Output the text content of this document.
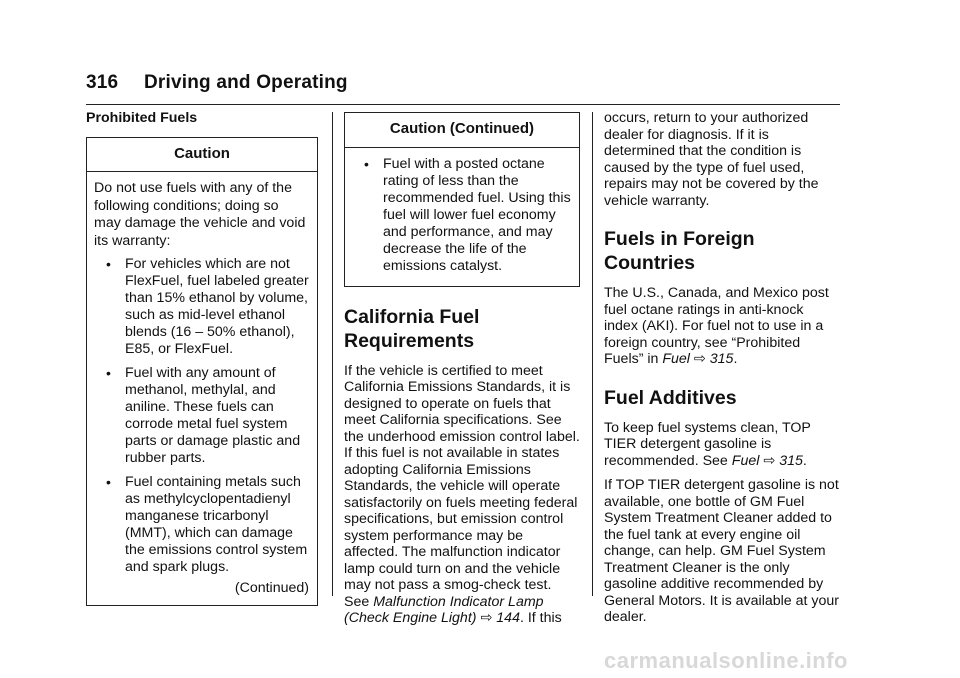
316 Driving and Operating
Prohibited Fuels
Caution

Do not use fuels with any of the following conditions; doing so may damage the vehicle and void its warranty:

• For vehicles which are not FlexFuel, fuel labeled greater than 15% ethanol by volume, such as mid-level ethanol blends (16 – 50% ethanol), E85, or FlexFuel.
• Fuel with any amount of methanol, methylal, and aniline. These fuels can corrode metal fuel system parts or damage plastic and rubber parts.
• Fuel containing metals such as methylcyclopentadienyl manganese tricarbonyl (MMT), which can damage the emissions control system and spark plugs.
(Continued)
Caution (Continued)
• Fuel with a posted octane rating of less than the recommended fuel. Using this fuel will lower fuel economy and performance, and may decrease the life of the emissions catalyst.
California Fuel Requirements

If the vehicle is certified to meet California Emissions Standards, it is designed to operate on fuels that meet California specifications. See the underhood emission control label. If this fuel is not available in states adopting California Emissions Standards, the vehicle will operate satisfactorily on fuels meeting federal specifications, but emission control system performance may be affected. The malfunction indicator lamp could turn on and the vehicle may not pass a smog-check test. See Malfunction Indicator Lamp (Check Engine Light) ⇨ 144. If this

occurs, return to your authorized dealer for diagnosis. If it is determined that the condition is caused by the type of fuel used, repairs may not be covered by the vehicle warranty.

Fuels in Foreign Countries

The U.S., Canada, and Mexico post fuel octane ratings in anti-knock index (AKI). For fuel not to use in a foreign country, see “Prohibited Fuels” in Fuel ⇨ 315.

Fuel Additives

To keep fuel systems clean, TOP TIER detergent gasoline is recommended. See Fuel ⇨ 315.

If TOP TIER detergent gasoline is not available, one bottle of GM Fuel System Treatment Cleaner added to the fuel tank at every engine oil change, can help. GM Fuel System Treatment Cleaner is the only gasoline additive recommended by General Motors. It is available at your dealer.

carmanualsonline.info
